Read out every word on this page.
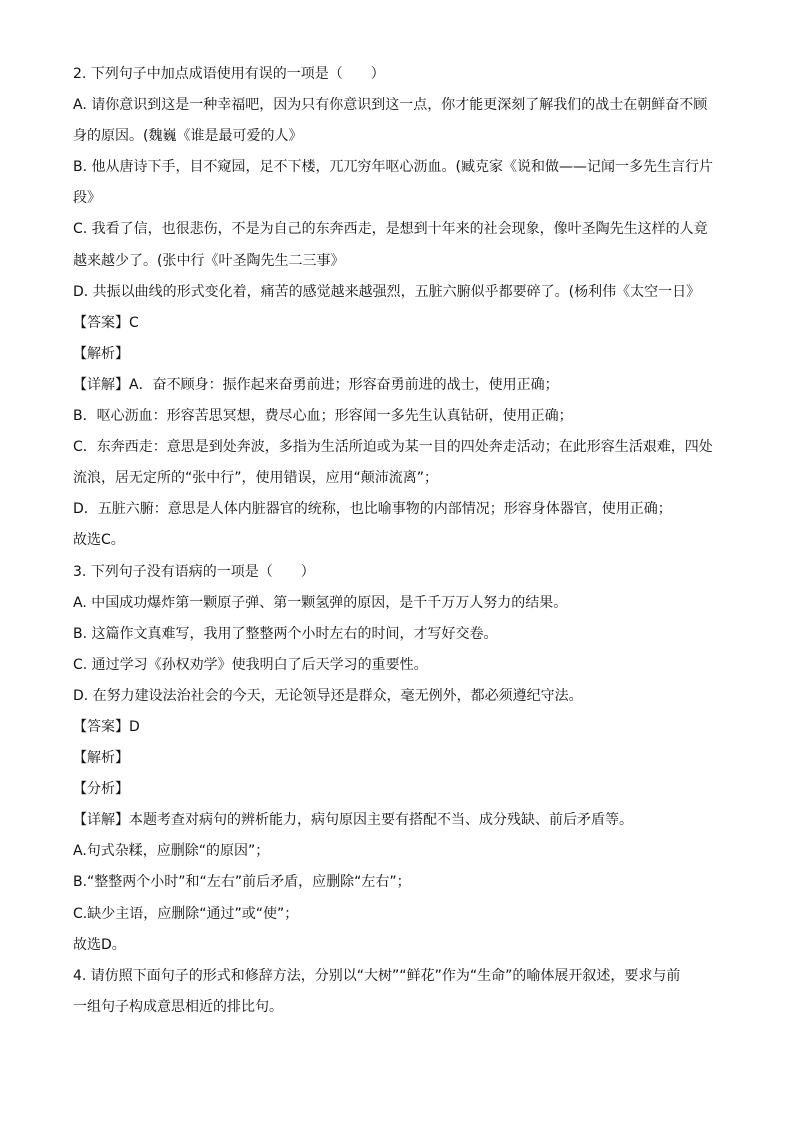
2. 下列句子中加点成语使用有误的一项是（　　）
A. 请你意识到这是一种幸福吧，因为只有你意识到这一点，你才能更深刻了解我们的战士在朝鲜奋不顾
身的原因。(魏巍《谁是最可爱的人》
B. 他从唐诗下手，目不窥园，足不下楼，兀兀穷年呕心沥血。(臧克家《说和做——记闻一多先生言行片
段》
C. 我看了信，也很悲伤，不是为自己的东奔西走，是想到十年来的社会现象，像叶圣陶先生这样的人竟
越来越少了。(张中行《叶圣陶先生二三事》
D. 共振以曲线的形式变化着，痛苦的感觉越来越强烈，五脏六腑似乎都要碎了。(杨利伟《太空一日》
【答案】C
【解析】
【详解】A．奋不顾身：振作起来奋勇前进；形容奋勇前进的战士，使用正确；
B．呕心沥血：形容苦思冥想，费尽心血；形容闻一多先生认真钻研，使用正确；
C．东奔西走：意思是到处奔波，多指为生活所迫或为某一目的四处奔走活动；在此形容生活艰难，四处
流浪，居无定所的“张中行”，使用错误，应用“颠沛流离”；
D．五脏六腑：意思是人体内脏器官的统称，也比喻事物的内部情况；形容身体器官，使用正确；
故选C。
3. 下列句子没有语病的一项是（　　）
A. 中国成功爆炸第一颗原子弹、第一颗氢弹的原因，是千千万万人努力的结果。
B. 这篇作文真难写，我用了整整两个小时左右的时间，才写好交卷。
C. 通过学习《孙权劝学》使我明白了后天学习的重要性。
D. 在努力建设法治社会的今天，无论领导还是群众，毫无例外，都必须遵纪守法。
【答案】D
【解析】
【分析】
【详解】本题考查对病句的辨析能力，病句原因主要有搭配不当、成分残缺、前后矛盾等。
A.句式杂糅，应删除“的原因”；
B.“整整两个小时”和“左右”前后矛盾，应删除“左右”；
C.缺少主语，应删除“通过”或“使”；
故选D。
4. 请仿照下面句子的形式和修辞方法，分别以“大树”“鲜花”作为“生命”的喻体展开叙述，要求与前
一组句子构成意思相近的排比句。
